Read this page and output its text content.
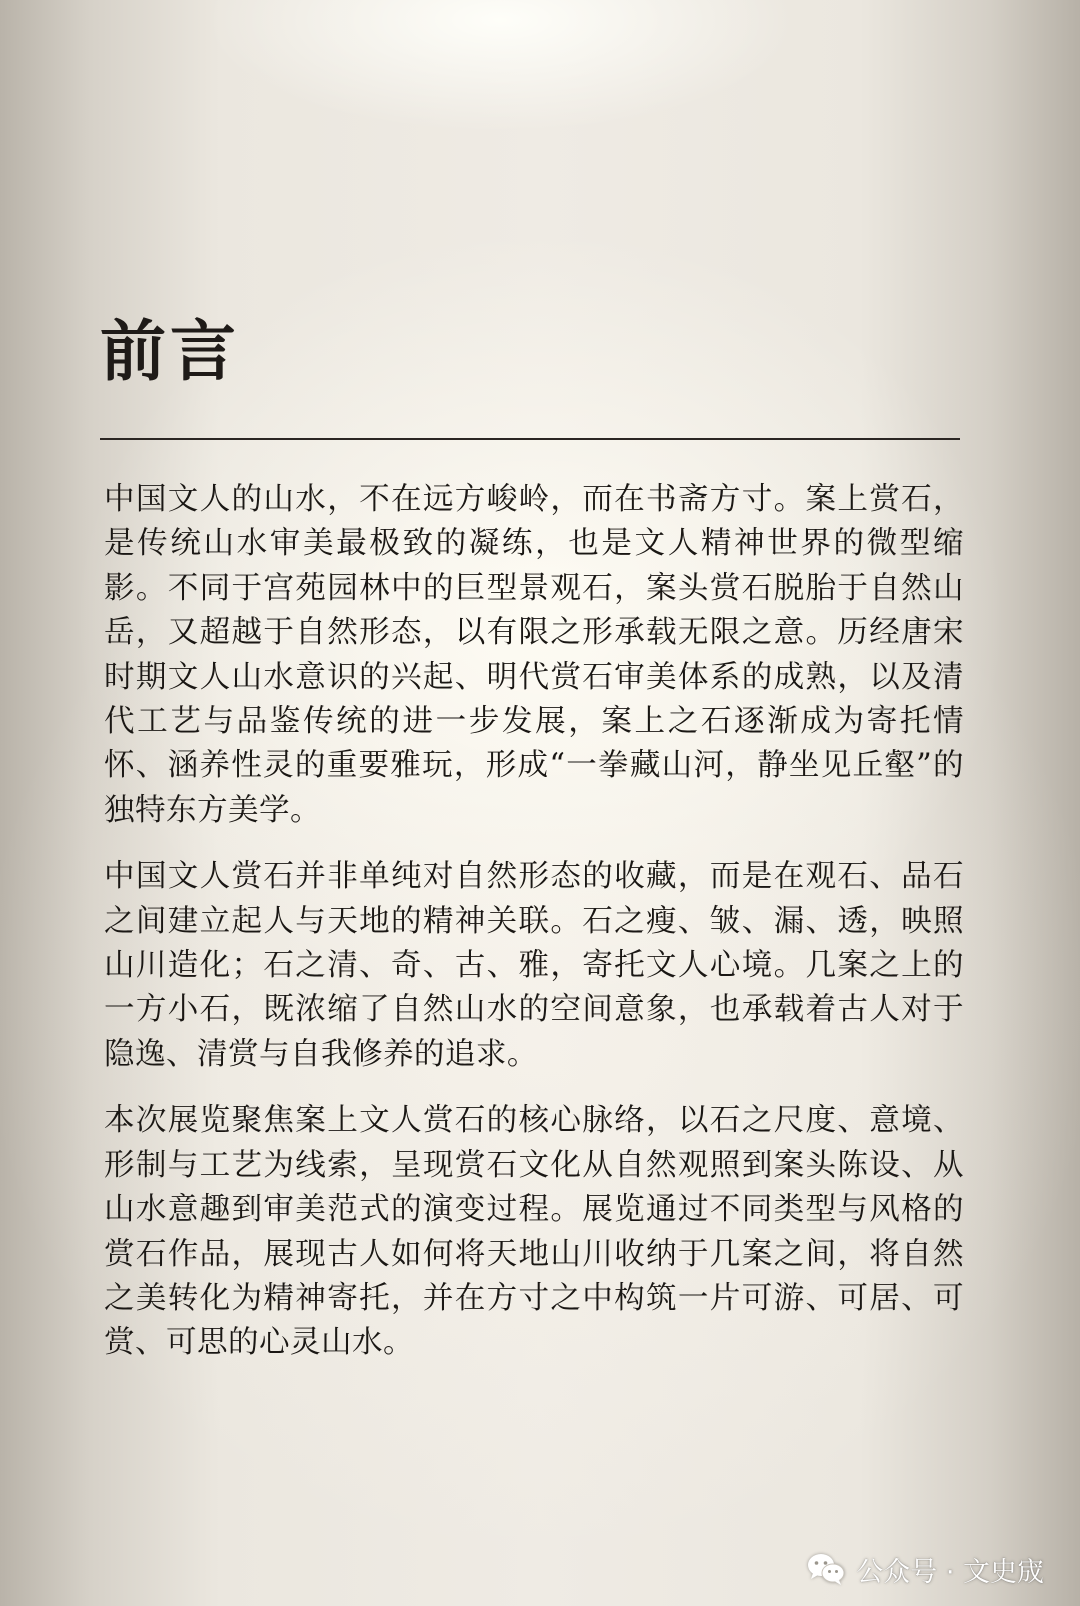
前言

中国文人的山水，不在远方峻岭，而在书斋方寸。案上赏石，是传统山水审美最极致的凝练，也是文人精神世界的微型缩影。不同于宫苑园林中的巨型景观石，案头赏石脱胎于自然山岳，又超越于自然形态，以有限之形承载无限之意。历经唐宋时期文人山水意识的兴起、明代赏石审美体系的成熟，以及清代工艺与品鉴传统的进一步发展，案上之石逐渐成为寄托情怀、涵养性灵的重要雅玩，形成“一拳藏山河，静坐见丘壑”的独特东方美学。

中国文人赏石并非单纯对自然形态的收藏，而是在观石、品石之间建立起人与天地的精神关联。石之瘦、皱、漏、透，映照山川造化；石之清、奇、古、雅，寄托文人心境。几案之上的一方小石，既浓缩了自然山水的空间意象，也承载着古人对于隐逸、清赏与自我修养的追求。

本次展览聚焦案上文人赏石的核心脉络，以石之尺度、意境、形制与工艺为线索，呈现赏石文化从自然观照到案头陈设、从山水意趣到审美范式的演变过程。展览通过不同类型与风格的赏石作品，展现古人如何将天地山川收纳于几案之间，将自然之美转化为精神寄托，并在方寸之中构筑一片可游、可居、可赏、可思的心灵山水。

公众号 · 文史宬
